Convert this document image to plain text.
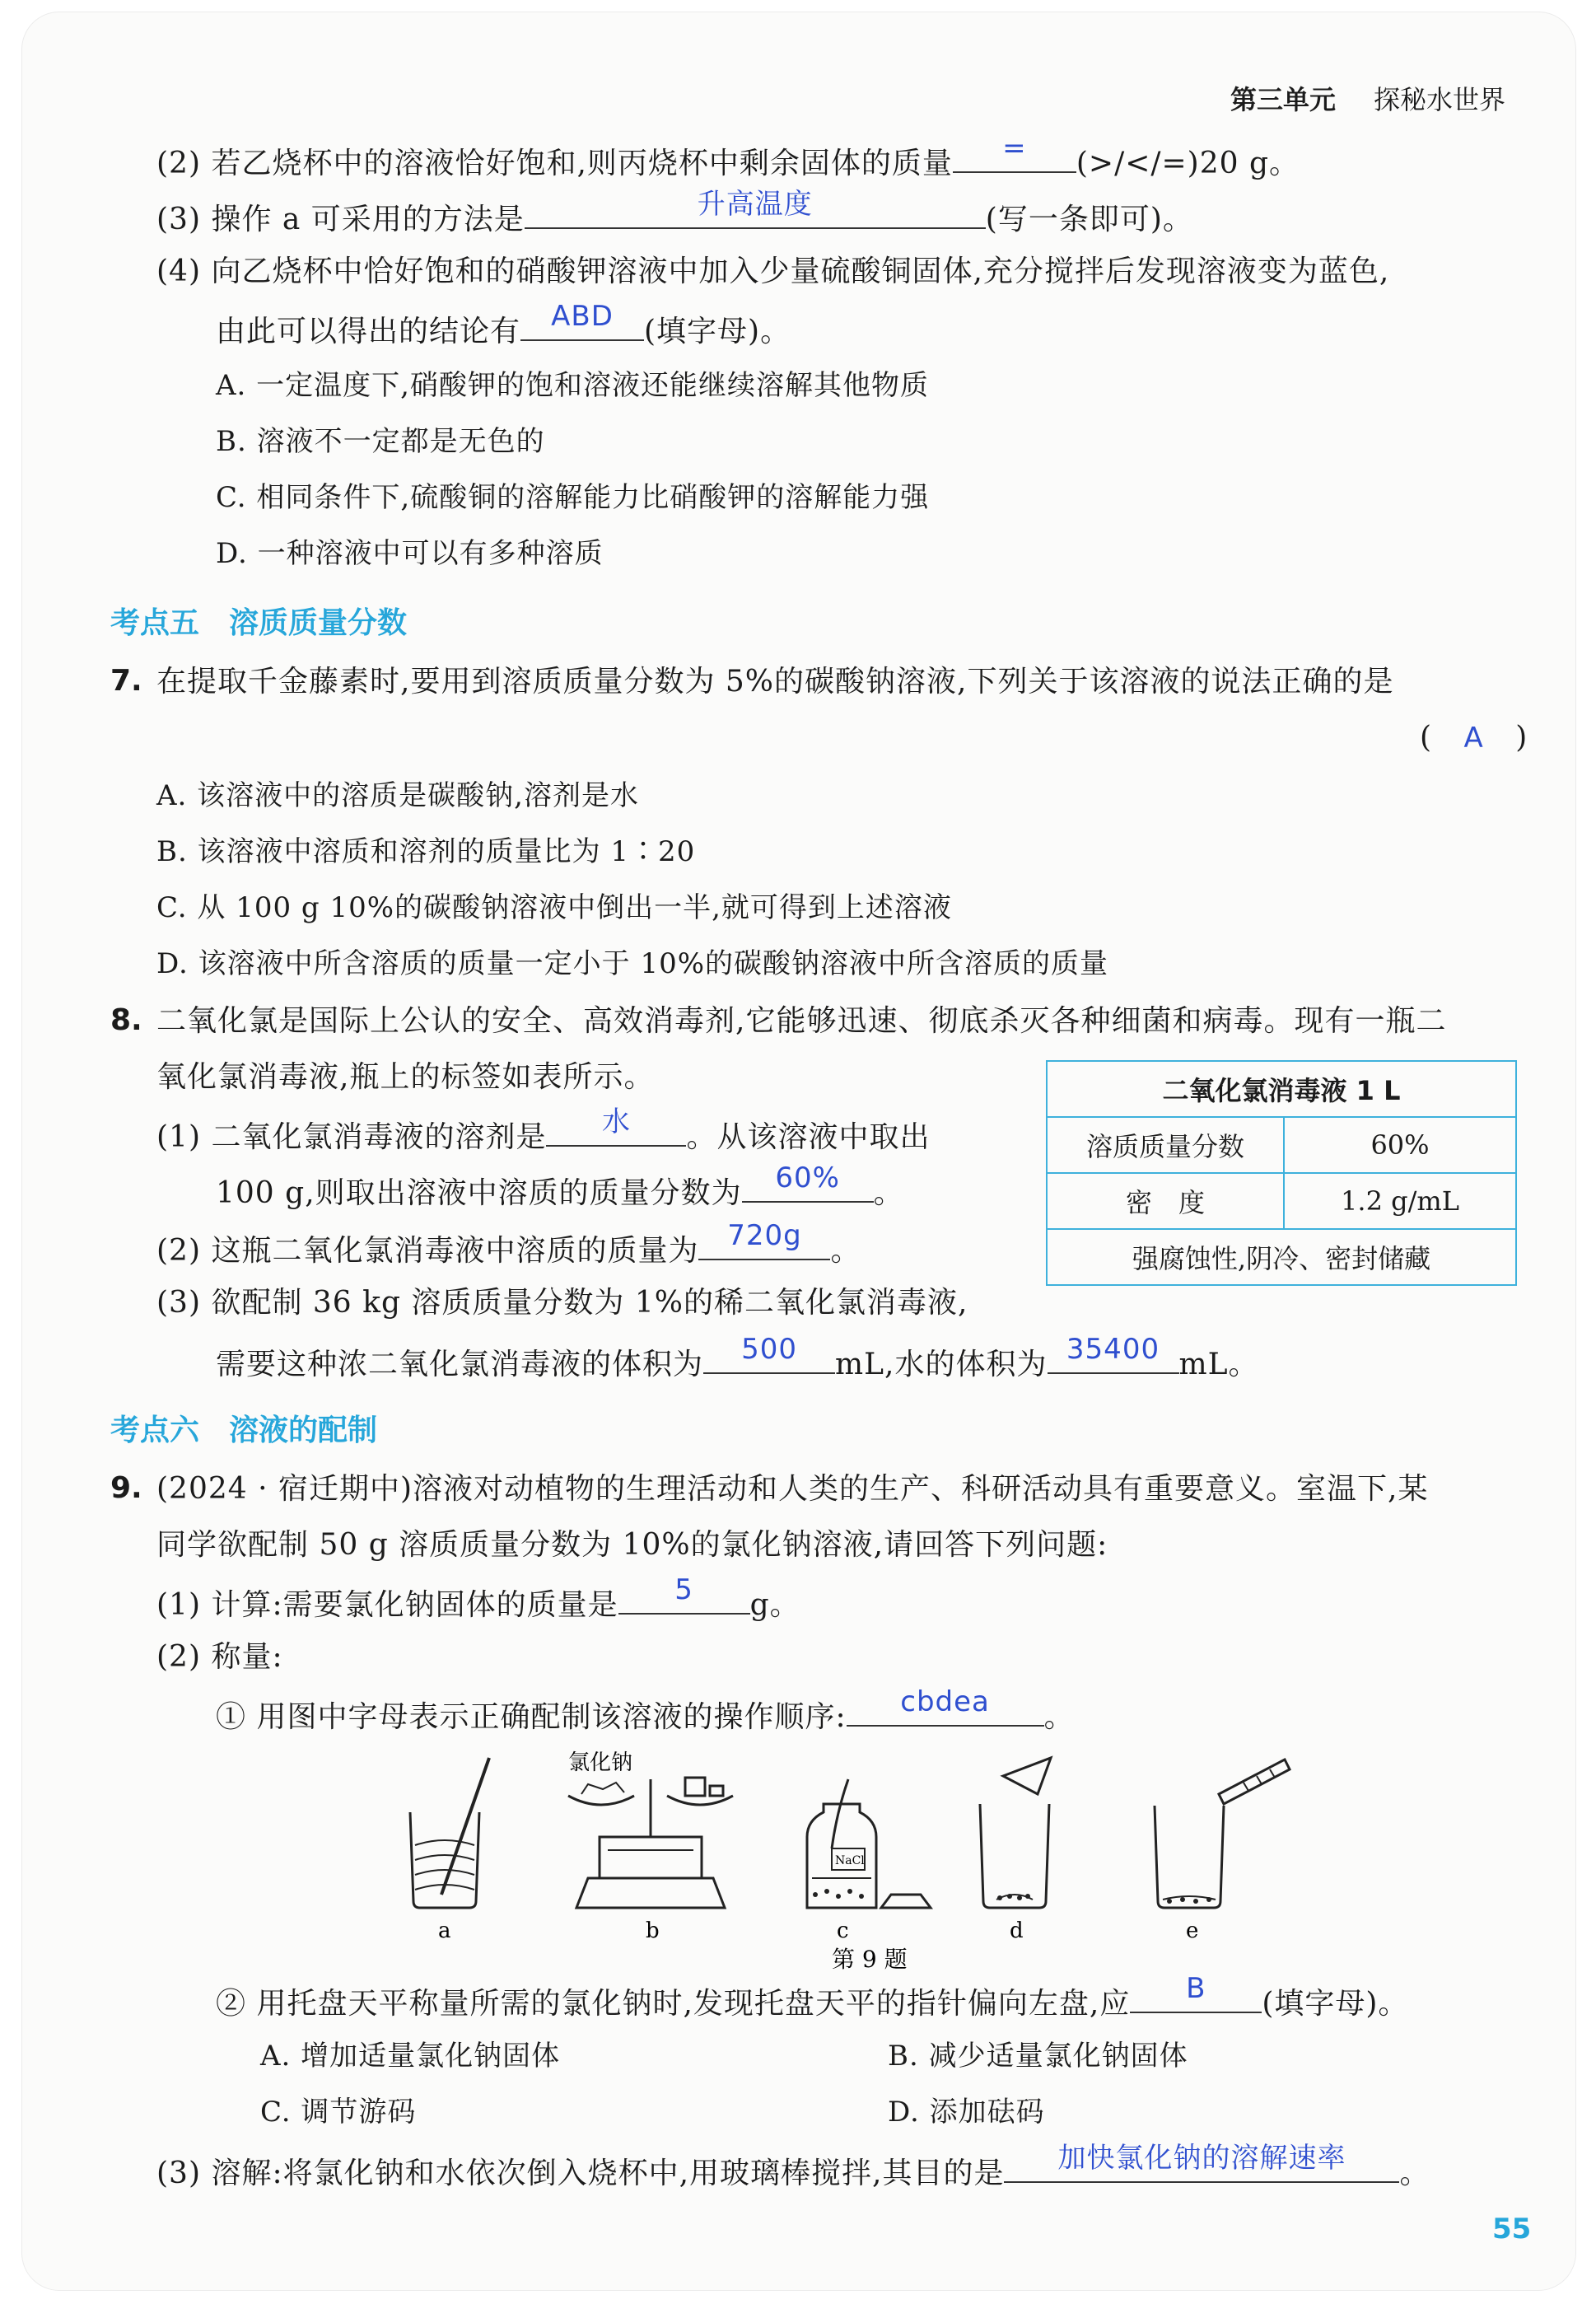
第三单元 探秘水世界
(2) 若乙烧杯中的溶液恰好饱和,则丙烧杯中剩余固体的质量	=	(>/</=)20 g。
(3) 操作 a 可采用的方法是	升高温度	(写一条即可)。
(4) 向乙烧杯中恰好饱和的硝酸钾溶液中加入少量硫酸铜固体,充分搅拌后发现溶液变为蓝色,
由此可以得出的结论有	ABD	(填字母)。
A. 一定温度下,硝酸钾的饱和溶液还能继续溶解其他物质
B. 溶液不一定都是无色的
C. 相同条件下,硫酸铜的溶解能力比硝酸钾的溶解能力强
D. 一种溶液中可以有多种溶质
考点五　溶质质量分数
7. 在提取千金藤素时,要用到溶质质量分数为 5%的碳酸钠溶液,下列关于该溶液的说法正确的是
( A )
A. 该溶液中的溶质是碳酸钠,溶剂是水
B. 该溶液中溶质和溶剂的质量比为 1∶20
C. 从 100 g 10%的碳酸钠溶液中倒出一半,就可得到上述溶液
D. 该溶液中所含溶质的质量一定小于 10%的碳酸钠溶液中所含溶质的质量
8. 二氧化氯是国际上公认的安全、高效消毒剂,它能够迅速、彻底杀灭各种细菌和病毒。现有一瓶二
氧化氯消毒液,瓶上的标签如表所示。
(1) 二氧化氯消毒液的溶剂是	水	。从该溶液中取出
100 g,则取出溶液中溶质的质量分数为	60%	。
(2) 这瓶二氧化氯消毒液中溶质的质量为	720g 。
(3) 欲配制 36 kg 溶质质量分数为 1%的稀二氧化氯消毒液,
需要这种浓二氧化氯消毒液的体积为	500	mL,水的体积为 35400 mL。
二氧化氯消毒液 1 L	
溶质质量分数	60%
密　度	1.2 g/mL
强腐蚀性,阴冷、密封储藏	
考点六　溶液的配制
9. (2024 · 宿迁期中)溶液对动植物的生理活动和人类的生产、科研活动具有重要意义。室温下,某
同学欲配制 50 g 溶质质量分数为 10%的氯化钠溶液,请回答下列问题:
(1) 计算:需要氯化钠固体的质量是	5	g。
(2) 称量:
① 用图中字母表示正确配制该溶液的操作顺序:	cbdea	。
氯化钠
NaCl
a	b	c	d	e
第 9 题
② 用托盘天平称量所需的氯化钠时,发现托盘天平的指针偏向左盘,应	B	(填字母)。
A. 增加适量氯化钠固体	B. 减少适量氯化钠固体
C. 调节游码	D. 添加砝码
(3) 溶解:将氯化钠和水依次倒入烧杯中,用玻璃棒搅拌,其目的是	加快氯化钠的溶解速率	。
55
